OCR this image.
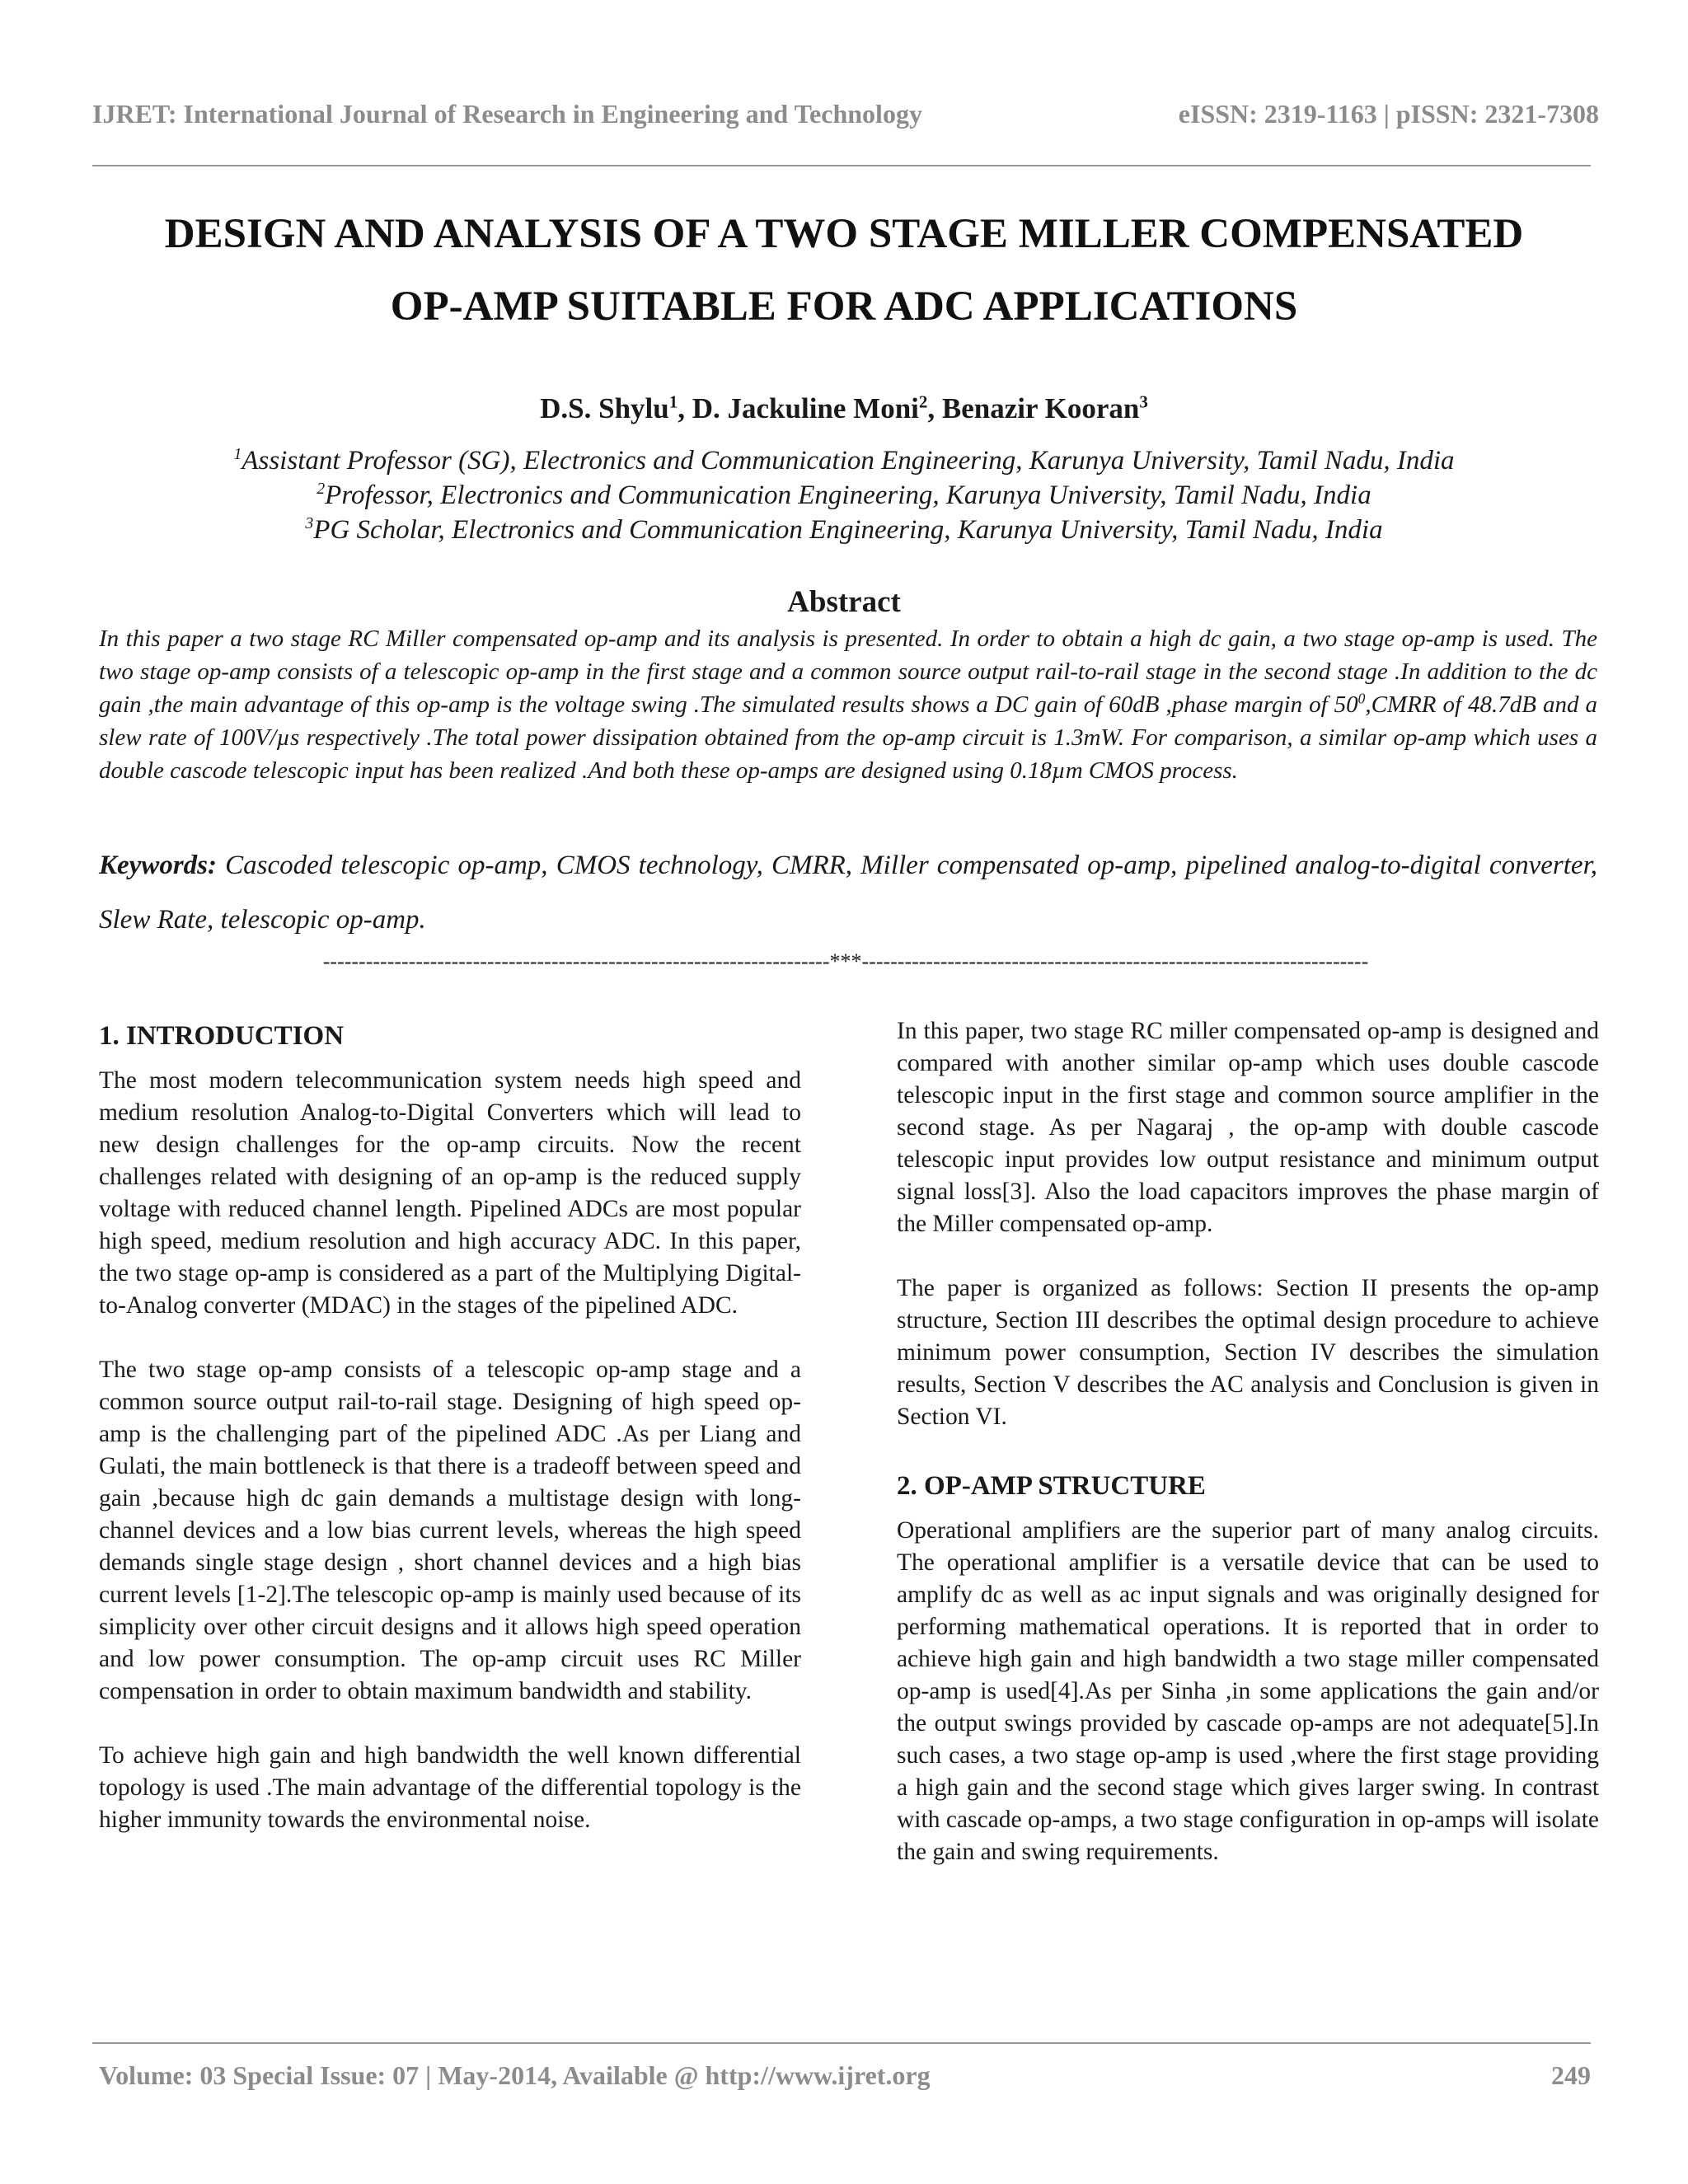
IJRET: International Journal of Research in Engineering and Technology	eISSN: 2319-1163 | pISSN: 2321-7308
DESIGN AND ANALYSIS OF A TWO STAGE MILLER COMPENSATED
OP-AMP SUITABLE FOR ADC APPLICATIONS
D.S. Shylu$^1$, D. Jackuline Moni$^2$, Benazir Kooran$^3$
$^1$Assistant Professor (SG), Electronics and Communication Engineering, Karunya University, Tamil Nadu, India
$^2$Professor, Electronics and Communication Engineering, Karunya University, Tamil Nadu, India
$^3$PG Scholar, Electronics and Communication Engineering, Karunya University, Tamil Nadu, India
Abstract
In this paper a two stage RC Miller compensated op-amp and its analysis is presented. In order to obtain a high dc gain, a two stage op-amp is used. The two stage op-amp consists of a telescopic op-amp in the first stage and a common source output rail-to-rail stage in the second stage .In addition to the dc gain ,the main advantage of this op-amp is the voltage swing .The simulated results shows a DC gain of 60dB ,phase margin of $50^0,CMRR$ of 48.7dB and a slew rate of 100V/µs respectively .The total power dissipation obtained from the op-amp circuit is 1.3mW. For comparison, a similar op-amp which uses a double cascode telescopic input has been realized .And both these op-amps are designed using 0.18µm CMOS process.
Keywords: Cascoded telescopic op-amp, CMOS technology, CMRR, Miller compensated op-amp, pipelined analog-to-digital converter, Slew Rate, telescopic op-amp.
-----------------------------------------------------------------------***-----------------------------------------------------------------------
1. INTRODUCTION

The most modern telecommunication system needs high speed and medium resolution Analog-to-Digital Converters which will lead to new design challenges for the op-amp circuits. Now the recent challenges related with designing of an op-amp is the reduced supply voltage with reduced channel length. Pipelined ADCs are most popular high speed, medium resolution and high accuracy ADC. In this paper, the two stage op-amp is considered as a part of the Multiplying Digital-to-Analog converter (MDAC) in the stages of the pipelined ADC.

The two stage op-amp consists of a telescopic op-amp stage and a common source output rail-to-rail stage. Designing of high speed op-amp is the challenging part of the pipelined ADC .As per Liang and Gulati, the main bottleneck is that there is a tradeoff between speed and gain ,because high dc gain demands a multistage design with long-channel devices and a low bias current levels, whereas the high speed demands single stage design , short channel devices and a high bias current levels [1-2].The telescopic op-amp is mainly used because of its simplicity over other circuit designs and it allows high speed operation and low power consumption. The op-amp circuit uses RC Miller compensation in order to obtain maximum bandwidth and stability.

To achieve high gain and high bandwidth the well known differential topology is used .The main advantage of the differential topology is the higher immunity towards the environmental noise.

In this paper, two stage RC miller compensated op-amp is designed and compared with another similar op-amp which uses double cascode telescopic input in the first stage and common source amplifier in the second stage. As per Nagaraj , the op-amp with double cascode telescopic input provides low output resistance and minimum output signal loss[3]. Also the load capacitors improves the phase margin of the Miller compensated op-amp.

The paper is organized as follows: Section II presents the op-amp structure, Section III describes the optimal design procedure to achieve minimum power consumption, Section IV describes the simulation results, Section V describes the AC analysis and Conclusion is given in Section VI.

2. OP-AMP STRUCTURE

Operational amplifiers are the superior part of many analog circuits. The operational amplifier is a versatile device that can be used to amplify dc as well as ac input signals and was originally designed for performing mathematical operations. It is reported that in order to achieve high gain and high bandwidth a two stage miller compensated op-amp is used[4].As per Sinha ,in some applications the gain and/or the output swings provided by cascade op-amps are not adequate[5].In such cases, a two stage op-amp is used ,where the first stage providing a high gain and the second stage which gives larger swing. In contrast with cascade op-amps, a two stage configuration in op-amps will isolate the gain and swing requirements.

Volume: 03 Special Issue: 07 | May-2014, Available @ http://www.ijret.org	249
